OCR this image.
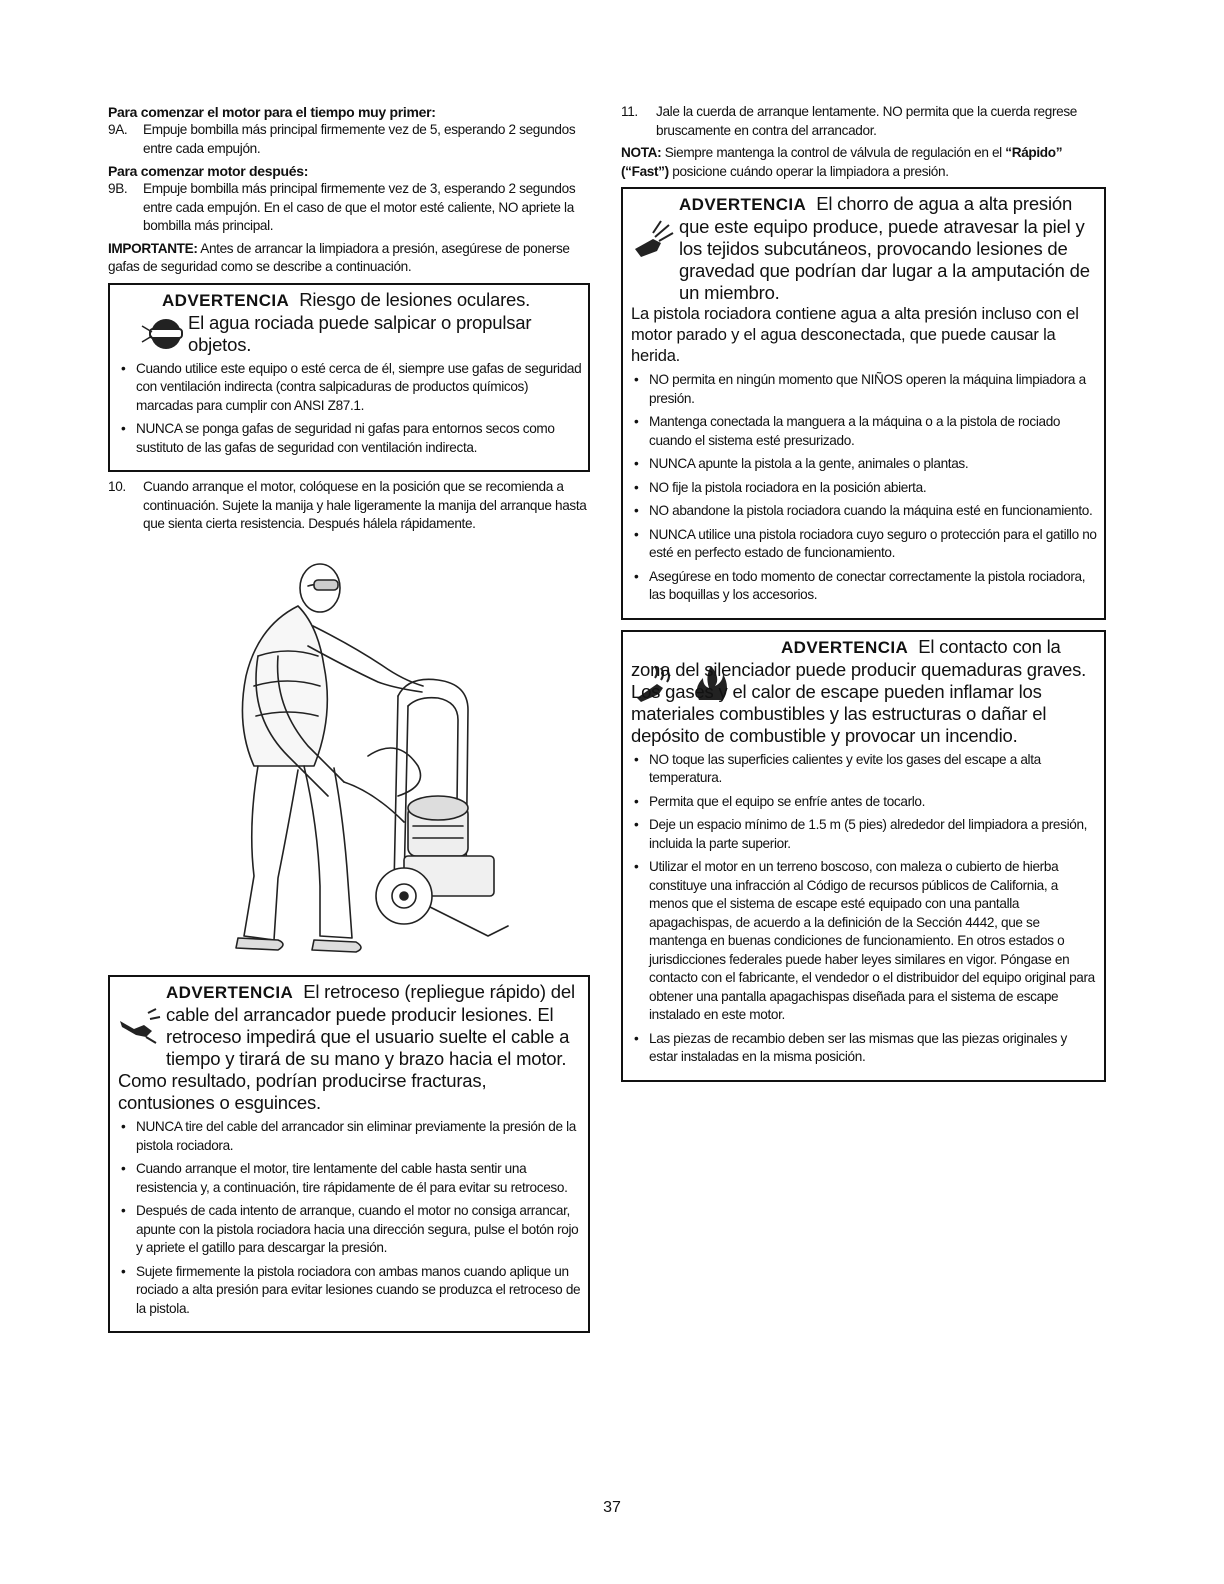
Para comenzar el motor para el tiempo muy primer:
9A.	Empuje bombilla más principal firmemente vez de 5, esperando 2 segundos entre cada empujón.
Para comenzar motor después:
9B.	Empuje bombilla más principal firmemente vez de 3, esperando 2 segundos entre cada empujón. En el caso de que el motor esté caliente, NO apriete la bombilla más principal.

IMPORTANTE: Antes de arrancar la limpiadora a presión, asegúrese de ponerse gafas de seguridad como se describe a continuación.

ADVERTENCIA Riesgo de lesiones oculares.
El agua rociada puede salpicar o propulsar objetos.
• Cuando utilice este equipo o esté cerca de él, siempre use gafas de seguridad con ventilación indirecta (contra salpicaduras de productos químicos) marcadas para cumplir con ANSI Z87.1.
• NUNCA se ponga gafas de seguridad ni gafas para entornos secos como sustituto de las gafas de seguridad con ventilación indirecta.
10.	Cuando arranque el motor, colóquese en la posición que se recomienda a continuación. Sujete la manija y hale ligeramente la manija del arranque hasta que sienta cierta resistencia. Después hálela rápidamente.
ADVERTENCIA El retroceso (repliegue rápido) del cable del arrancador puede producir lesiones. El retroceso impedirá que el usuario suelte el cable a tiempo y tirará de su mano y brazo hacia el motor.
Como resultado, podrían producirse fracturas, contusiones o esguinces.
• NUNCA tire del cable del arrancador sin eliminar previamente la presión de la pistola rociadora.
• Cuando arranque el motor, tire lentamente del cable hasta sentir una resistencia y, a continuación, tire rápidamente de él para evitar su retroceso.
• Después de cada intento de arranque, cuando el motor no consiga arrancar, apunte con la pistola rociadora hacia una dirección segura, pulse el botón rojo y apriete el gatillo para descargar la presión.
• Sujete firmemente la pistola rociadora con ambas manos cuando aplique un rociado a alta presión para evitar lesiones cuando se produzca el retroceso de la pistola.
11.	Jale la cuerda de arranque lentamente. NO permita que la cuerda regrese bruscamente en contra del arrancador.

NOTA: Siempre mantenga la control de válvula de regulación en el “Rápido” (“Fast”) posicione cuándo operar la limpiadora a presión.

ADVERTENCIA El chorro de agua a alta presión que este equipo produce, puede atravesar la piel y los tejidos subcutáneos, provocando lesiones de gravedad que podrían dar lugar a la amputación de un miembro.
La pistola rociadora contiene agua a alta presión incluso con el motor parado y el agua desconectada, que puede causar la herida.
• NO permita en ningún momento que NIÑOS operen la máquina limpiadora a presión.
• Mantenga conectada la manguera a la máquina o a la pistola de rociado cuando el sistema esté presurizado.
• NUNCA apunte la pistola a la gente, animales o plantas.
• NO fije la pistola rociadora en la posición abierta.
• NO abandone la pistola rociadora cuando la máquina esté en funcionamiento.
• NUNCA utilice una pistola rociadora cuyo seguro o protección para el gatillo no esté en perfecto estado de funcionamiento.
• Asegúrese en todo momento de conectar correctamente la pistola rociadora, las boquillas y los accesorios.
ADVERTENCIA El contacto con la zona del silenciador puede producir quemaduras graves. Los gases y el calor de escape pueden inflamar los materiales combustibles y las estructuras o dañar el depósito de combustible y provocar un incendio.
• NO toque las superficies calientes y evite los gases del escape a alta temperatura.
• Permita que el equipo se enfríe antes de tocarlo.
• Deje un espacio mínimo de 1.5 m (5 pies) alrededor del limpiadora a presión, incluida la parte superior.
• Utilizar el motor en un terreno boscoso, con maleza o cubierto de hierba constituye una infracción al Código de recursos públicos de California, a menos que el sistema de escape esté equipado con una pantalla apagachispas, de acuerdo a la definición de la Sección 4442, que se mantenga en buenas condiciones de funcionamiento. En otros estados o jurisdicciones federales puede haber leyes similares en vigor. Póngase en contacto con el fabricante, el vendedor o el distribuidor del equipo original para obtener una pantalla apagachispas diseñada para el sistema de escape instalado en este motor.
• Las piezas de recambio deben ser las mismas que las piezas originales y estar instaladas en la misma posición.
37
